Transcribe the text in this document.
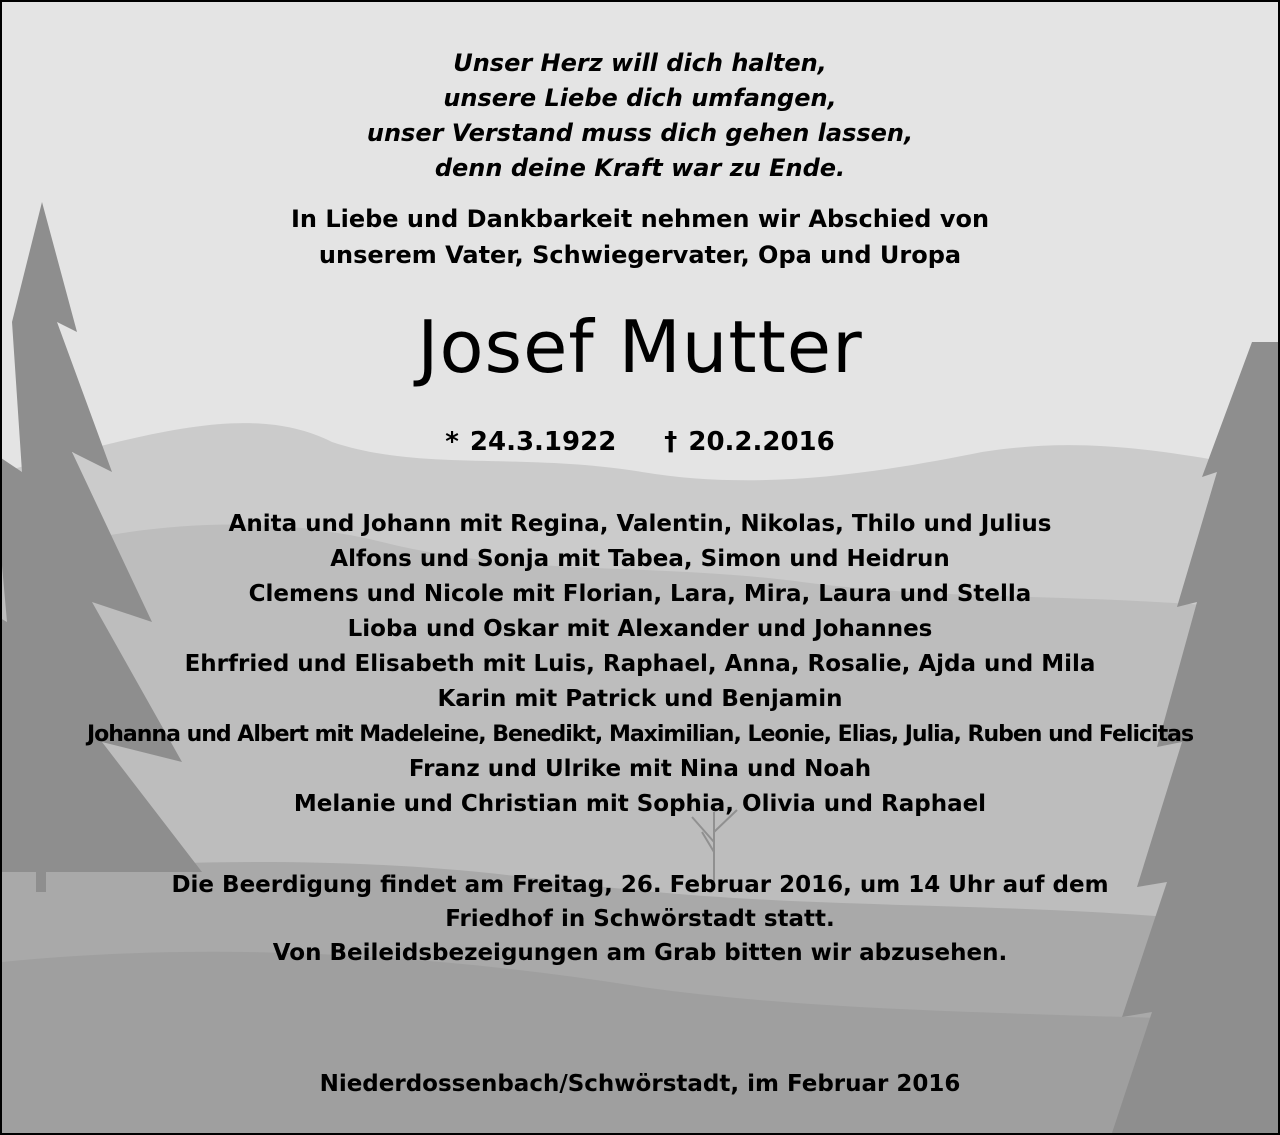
Unser Herz will dich halten,
unsere Liebe dich umfangen,
unser Verstand muss dich gehen lassen,
denn deine Kraft war zu Ende.
In Liebe und Dankbarkeit nehmen wir Abschied von
unserem Vater, Schwiegervater, Opa und Uropa
Josef Mutter
* 24.3.1922 † 20.2.2016
Anita und Johann mit Regina, Valentin, Nikolas, Thilo und Julius
Alfons und Sonja mit Tabea, Simon und Heidrun
Clemens und Nicole mit Florian, Lara, Mira, Laura und Stella
Lioba und Oskar mit Alexander und Johannes
Ehrfried und Elisabeth mit Luis, Raphael, Anna, Rosalie, Ajda und Mila
Karin mit Patrick und Benjamin
Johanna und Albert mit Madeleine, Benedikt, Maximilian, Leonie, Elias, Julia, Ruben und Felicitas
Franz und Ulrike mit Nina und Noah
Melanie und Christian mit Sophia, Olivia und Raphael
Die Beerdigung findet am Freitag, 26. Februar 2016, um 14 Uhr auf dem
Friedhof in Schwörstadt statt.
Von Beileidsbezeigungen am Grab bitten wir abzusehen.
Niederdossenbach/Schwörstadt, im Februar 2016
